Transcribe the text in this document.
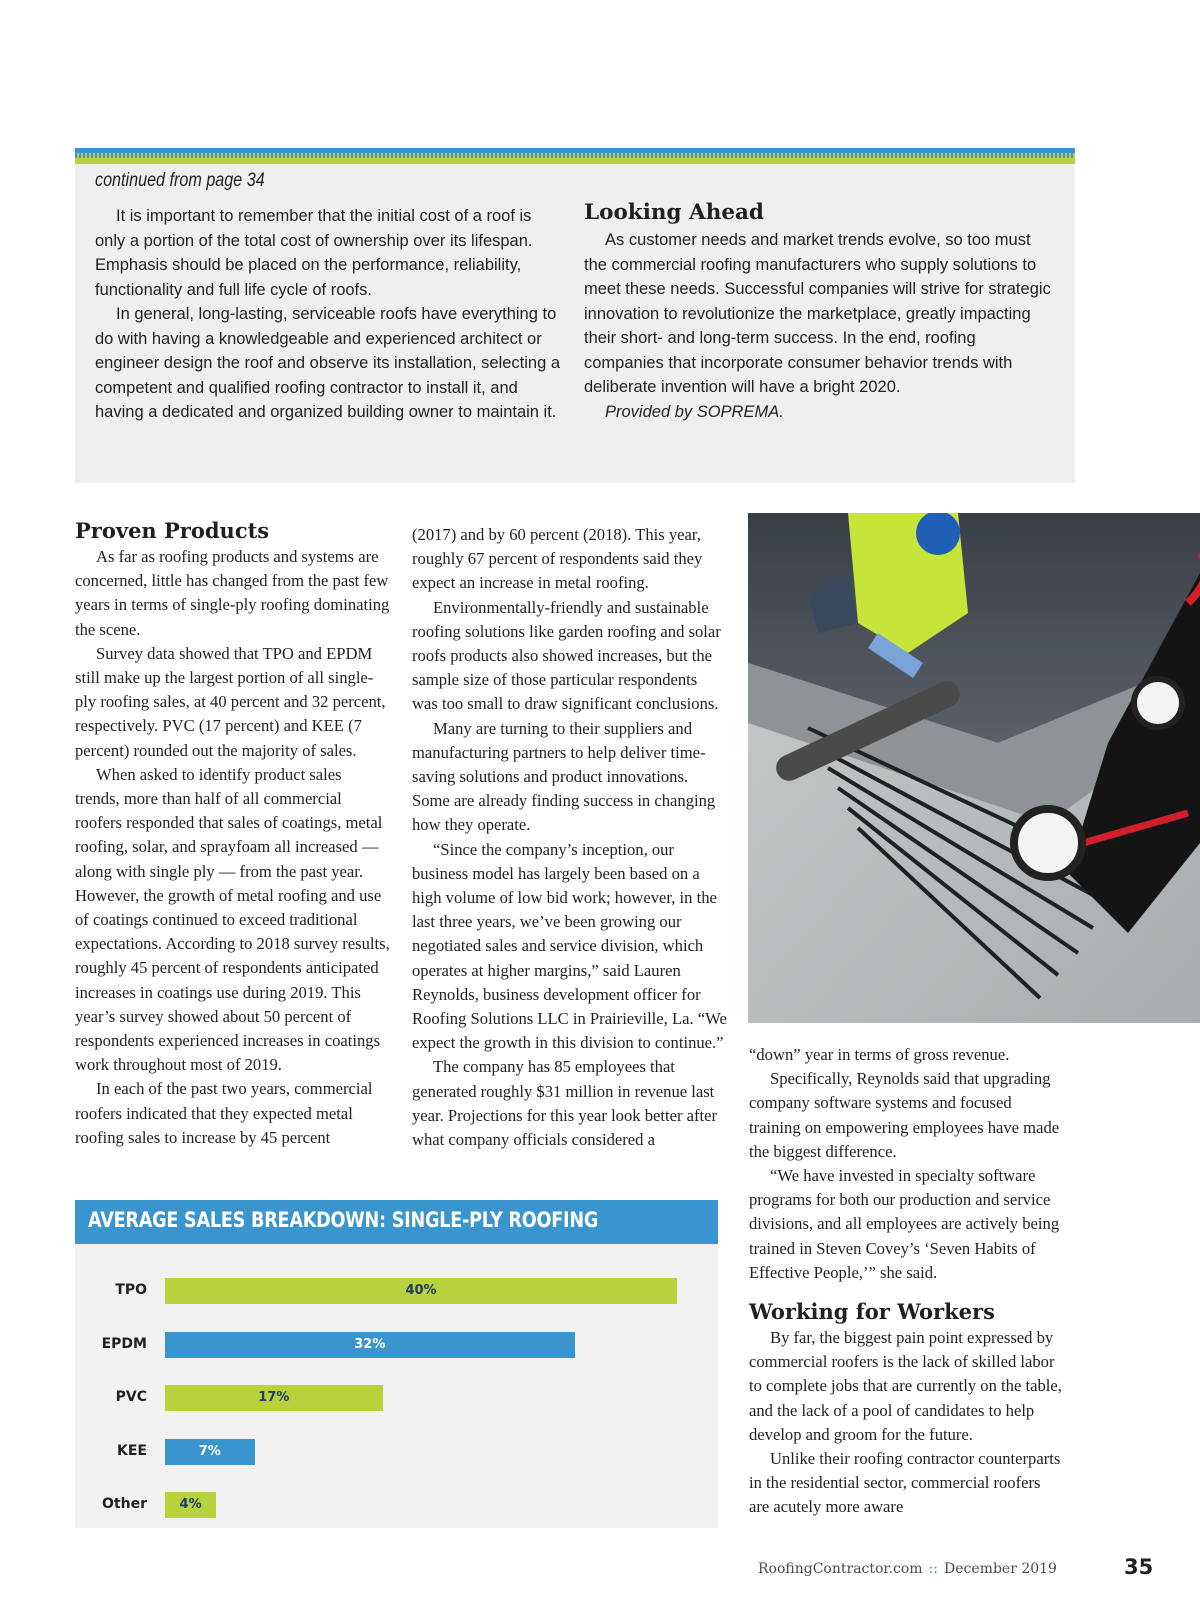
continued from page 34

It is important to remember that the initial cost of a roof is only a portion of the total cost of ownership over its lifespan. Emphasis should be placed on the performance, reliability, functionality and full life cycle of roofs.

In general, long-lasting, serviceable roofs have everything to do with having a knowledgeable and experienced architect or engineer design the roof and observe its installation, selecting a competent and qualified roofing contractor to install it, and having a dedicated and organized building owner to maintain it.

Looking Ahead

As customer needs and market trends evolve, so too must the commercial roofing manufacturers who supply solutions to meet these needs. Successful companies will strive for strategic innovation to revolutionize the marketplace, greatly impacting their short- and long-term success. In the end, roofing companies that incorporate consumer behavior trends with deliberate invention will have a bright 2020.

Provided by SOPREMA.

Proven Products

As far as roofing products and systems are concerned, little has changed from the past few years in terms of single-ply roofing dominating the scene.

Survey data showed that TPO and EPDM still make up the largest portion of all single-ply roofing sales, at 40 percent and 32 percent, respectively. PVC (17 percent) and KEE (7 percent) rounded out the majority of sales.

When asked to identify product sales trends, more than half of all commercial roofers responded that sales of coatings, metal roofing, solar, and sprayfoam all increased — along with single ply — from the past year. However, the growth of metal roofing and use of coatings continued to exceed traditional expectations. According to 2018 survey results, roughly 45 percent of respondents anticipated increases in coatings use during 2019. This year’s survey showed about 50 percent of respondents experienced increases in coatings work throughout most of 2019.

In each of the past two years, commercial roofers indicated that they expected metal roofing sales to increase by 45 percent

(2017) and by 60 percent (2018). This year, roughly 67 percent of respondents said they expect an increase in metal roofing.

Environmentally-friendly and sustainable roofing solutions like garden roofing and solar roofs products also showed increases, but the sample size of those particular respondents was too small to draw significant conclusions.

Many are turning to their suppliers and manufacturing partners to help deliver time-saving solutions and product innovations. Some are already finding success in changing how they operate.

“Since the company’s inception, our business model has largely been based on a high volume of low bid work; however, in the last three years, we’ve been growing our negotiated sales and service division, which operates at higher margins,” said Lauren Reynolds, business development officer for Roofing Solutions LLC in Prairieville, La. “We expect the growth in this division to continue.”

The company has 85 employees that generated roughly $31 million in revenue last year. Projections for this year look better after what company officials considered a

“down” year in terms of gross revenue.

Specifically, Reynolds said that upgrading company software systems and focused training on empowering employees have made the biggest difference.

“We have invested in specialty software programs for both our production and service divisions, and all employees are actively being trained in Steven Covey’s ‘Seven Habits of Effective People,’” she said.

Working for Workers

By far, the biggest pain point expressed by commercial roofers is the lack of skilled labor to complete jobs that are currently on the table, and the lack of a pool of candidates to help develop and groom for the future.

Unlike their roofing contractor counterparts in the residential sector, commercial roofers are acutely more aware

AVERAGE SALES BREAKDOWN: SINGLE-PLY ROOFING
TPO	40%
EPDM	32%
PVC	17%
KEE	7%
Other	4%
RoofingContractor.com :: December 2019	35
